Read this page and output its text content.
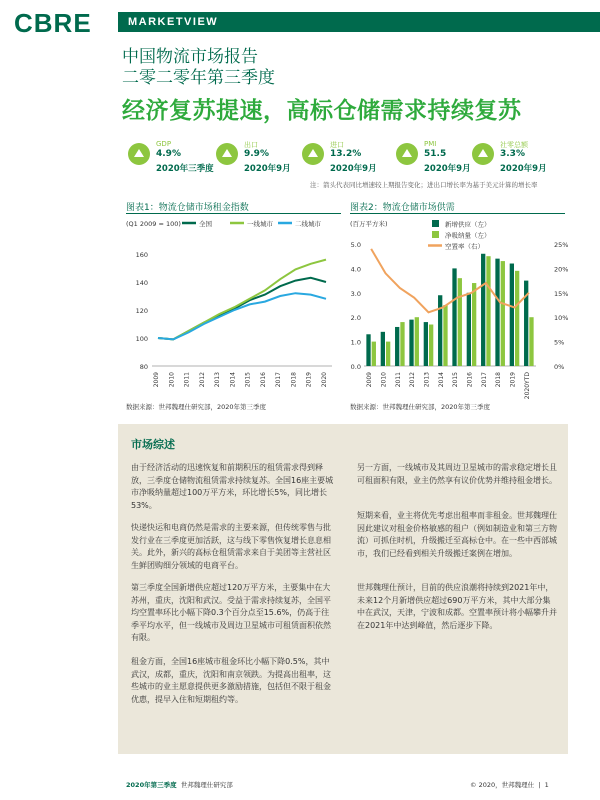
CBRE	MARKETVIEW
中国物流市场报告
二零二零年第三季度
经济复苏提速，高标仓储需求持续复苏
GDP
4.9%
2020年三季度
出口
9.9%
2020年9月
进口
13.2%
2020年9月
PMI
51.5
2020年9月
社零总额
3.3%
2020年9月
注：箭头代表同比增速较上期报告变化；进出口增长率为基于美元计算的增长率
图表1：物流仓储市场租金指数
80
100
120
140
160
(Q1 2009 = 100)
2009 2010 2011 2012 2013 2014 2015 2016 2017 2018 2019 2020
全国	一线城市	二线城市
数据来源：世邦魏理仕研究部，2020年第三季度
图表2：物流仓储市场供需
0.0
1.0
2.0
3.0
4.0
5.0
0%
5%
10%
15%
20%
25%
(百万平方米)
2009 2010 2011 2012 2013 2014 2015 2016 2017 2018 2019 2020YTD
新增供应（左）
净吸纳量（左）
空置率（右）
数据来源：世邦魏理仕研究部，2020年第三季度
市场综述
由于经济活动的迅速恢复和前期积压的租赁需求得到释放，三季度仓储物流租赁需求持续复苏。全国16座主要城市净吸纳量超过100万平方米，环比增长5%，同比增长53%。
快递快运和电商仍然是需求的主要来源，但传统零售与批发行业在三季度更加活跃，这与线下零售恢复增长息息相关。此外，新兴的高标仓租赁需求来自于美团等主营社区生鲜团购细分领域的电商平台。
第三季度全国新增供应超过120万平方米，主要集中在大苏州，重庆，沈阳和武汉。受益于需求持续复苏，全国平均空置率环比小幅下降0.3个百分点至15.6%，仍高于往季平均水平，但一线城市及周边卫星城市可租赁面积依然有限。
租金方面，全国16座城市租金环比小幅下降0.5%，其中武汉，成都，重庆，沈阳和南京领跌。为提高出租率，这些城市的业主愿意提供更多激励措施，包括但不限于租金优惠，提早入住和短期租约等。
另一方面，一线城市及其周边卫星城市的需求稳定增长且可租面积有限，业主仍然享有议价优势并维持租金增长。
短期来看，业主将优先考虑出租率而非租金。世邦魏理仕因此建议对租金价格敏感的租户（例如制造业和第三方物流）可抓住时机，升级搬迁至高标仓中。在一些中西部城市，我们已经看到相关升级搬迁案例在增加。
世邦魏理仕预计，目前的供应浪潮将持续到2021年中，未来12个月新增供应超过690万平方米，其中大部分集中在武汉，天津，宁波和成都。空置率预计将小幅攀升并在2021年中达到峰值，然后逐步下降。
2020年第三季度 世邦魏理仕研究部	© 2020，世邦魏理仕  |  1
